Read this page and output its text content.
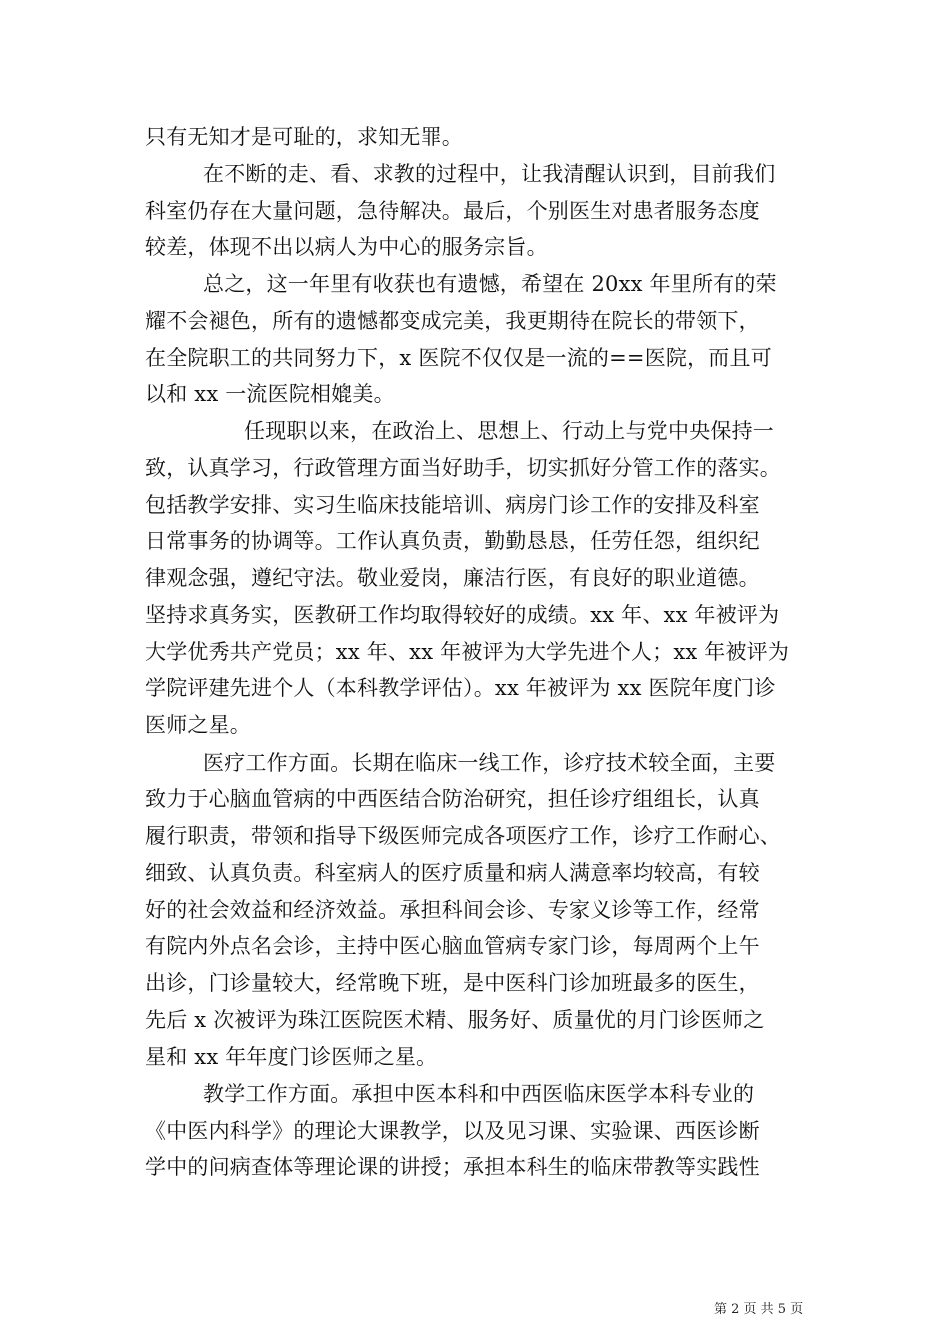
只有无知才是可耻的，求知无罪。
在不断的走、看、求教的过程中，让我清醒认识到，目前我们
科室仍存在大量问题，急待解决。最后，个别医生对患者服务态度
较差，体现不出以病人为中心的服务宗旨。
总之，这一年里有收获也有遗憾，希望在 20xx 年里所有的荣
耀不会褪色，所有的遗憾都变成完美，我更期待在院长的带领下，
在全院职工的共同努力下，x 医院不仅仅是一流的==医院，而且可
以和 xx 一流医院相媲美。
任现职以来，在政治上、思想上、行动上与党中央保持一
致，认真学习，行政管理方面当好助手，切实抓好分管工作的落实。
包括教学安排、实习生临床技能培训、病房门诊工作的安排及科室
日常事务的协调等。工作认真负责，勤勤恳恳，任劳任怨，组织纪
律观念强，遵纪守法。敬业爱岗，廉洁行医，有良好的职业道德。
坚持求真务实，医教研工作均取得较好的成绩。xx 年、xx 年被评为
大学优秀共产党员；xx 年、xx 年被评为大学先进个人；xx 年被评为
学院评建先进个人（本科教学评估）。xx 年被评为 xx 医院年度门诊
医师之星。
医疗工作方面。长期在临床一线工作，诊疗技术较全面，主要
致力于心脑血管病的中西医结合防治研究，担任诊疗组组长，认真
履行职责，带领和指导下级医师完成各项医疗工作，诊疗工作耐心、
细致、认真负责。科室病人的医疗质量和病人满意率均较高，有较
好的社会效益和经济效益。承担科间会诊、专家义诊等工作，经常
有院内外点名会诊，主持中医心脑血管病专家门诊，每周两个上午
出诊，门诊量较大，经常晚下班，是中医科门诊加班最多的医生，
先后 x 次被评为珠江医院医术精、服务好、质量优的月门诊医师之
星和 xx 年年度门诊医师之星。
教学工作方面。承担中医本科和中西医临床医学本科专业的
《中医内科学》的理论大课教学，以及见习课、实验课、西医诊断
学中的问病查体等理论课的讲授；承担本科生的临床带教等实践性
第 2 页 共 5 页
